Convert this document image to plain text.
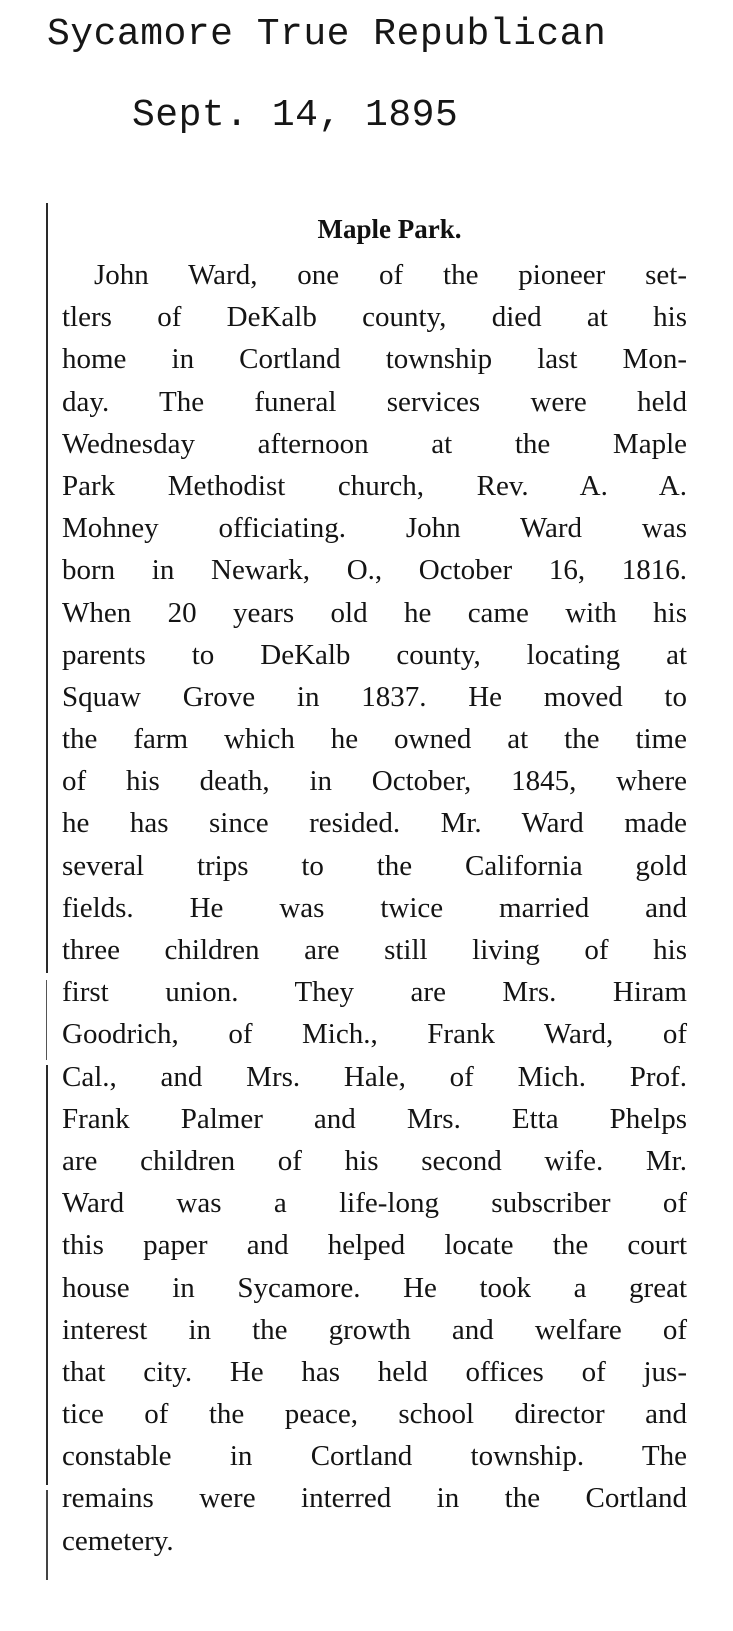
Sycamore True Republican
Sept. 14, 1895
Maple Park.
John Ward, one of the pioneer set-
tlers of DeKalb county, died at his
home in Cortland township last Mon-
day. The funeral services were held
Wednesday afternoon at the Maple
Park Methodist church, Rev. A. A.
Mohney officiating. John Ward was
born in Newark, O., October 16, 1816.
When 20 years old he came with his
parents to DeKalb county, locating at
Squaw Grove in 1837. He moved to
the farm which he owned at the time
of his death, in October, 1845, where
he has since resided. Mr. Ward made
several trips to the California gold
fields. He was twice married and
three children are still living of his
first union. They are Mrs. Hiram
Goodrich, of Mich., Frank Ward, of
Cal., and Mrs. Hale, of Mich. Prof.
Frank Palmer and Mrs. Etta Phelps
are children of his second wife. Mr.
Ward was a life-long subscriber of
this paper and helped locate the court
house in Sycamore. He took a great
interest in the growth and welfare of
that city. He has held offices of jus-
tice of the peace, school director and
constable in Cortland township. The
remains were interred in the Cortland
cemetery.
